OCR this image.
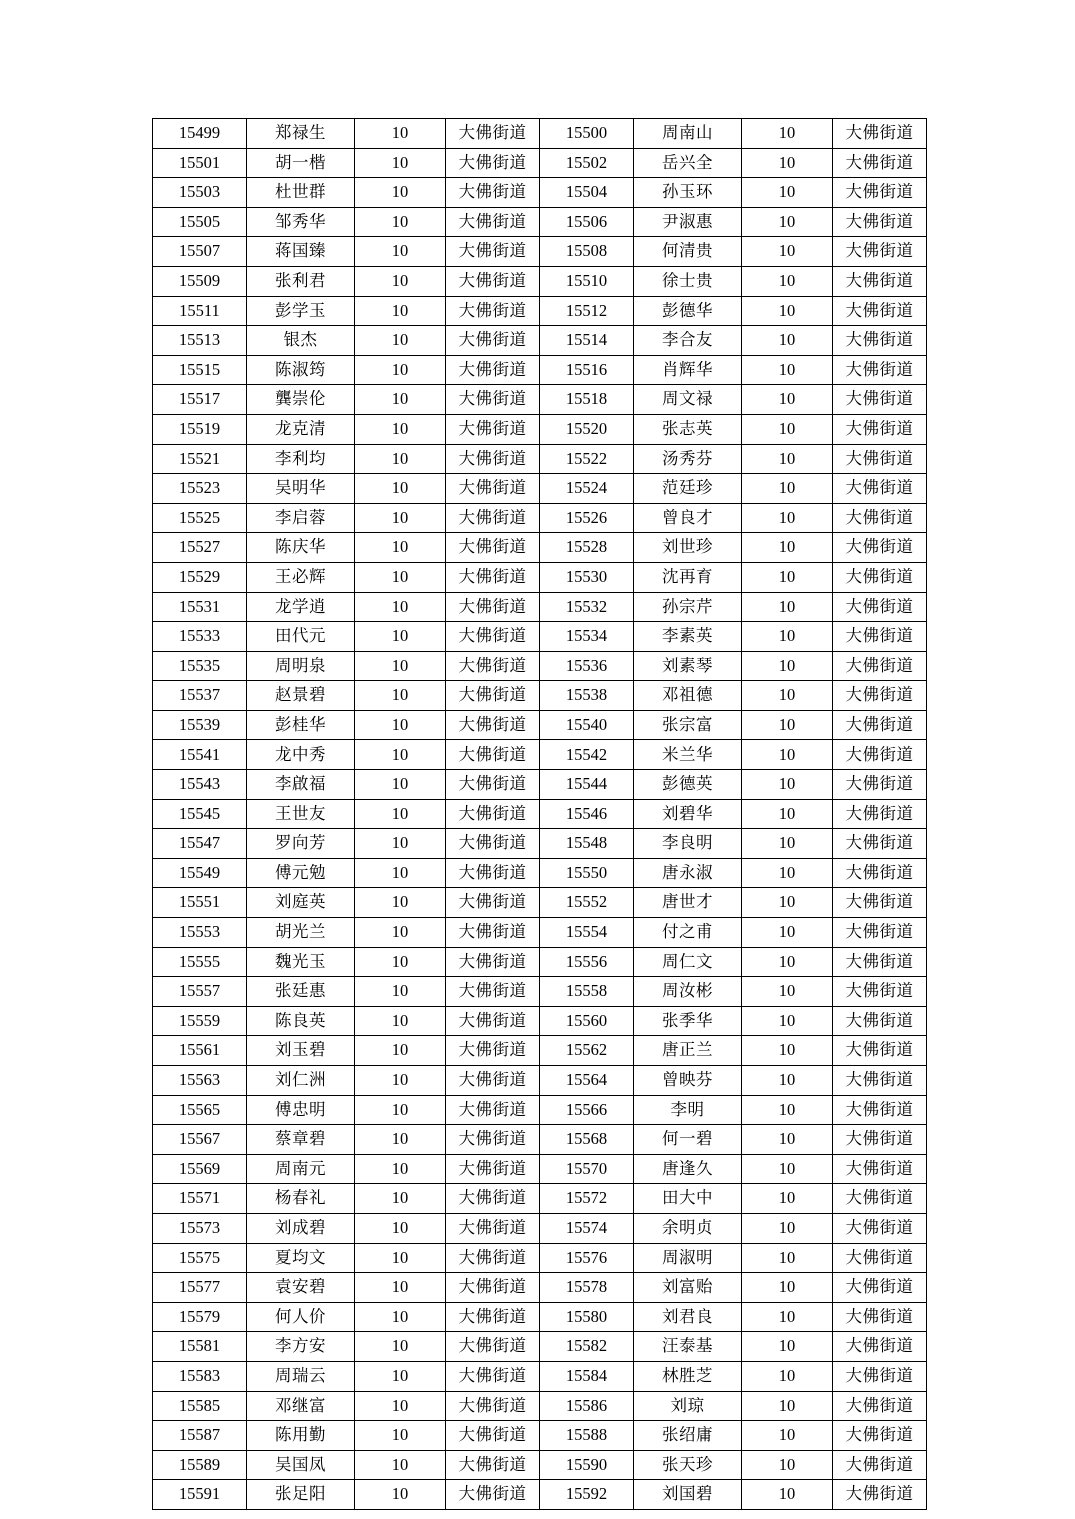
15499	郑禄生	10	大佛街道	15500	周南山	10	大佛街道
15501	胡一楷	10	大佛街道	15502	岳兴全	10	大佛街道
15503	杜世群	10	大佛街道	15504	孙玉环	10	大佛街道
15505	邹秀华	10	大佛街道	15506	尹淑惠	10	大佛街道
15507	蒋国臻	10	大佛街道	15508	何清贵	10	大佛街道
15509	张利君	10	大佛街道	15510	徐士贵	10	大佛街道
15511	彭学玉	10	大佛街道	15512	彭德华	10	大佛街道
15513	银杰	10	大佛街道	15514	李合友	10	大佛街道
15515	陈淑筠	10	大佛街道	15516	肖辉华	10	大佛街道
15517	龔崇伦	10	大佛街道	15518	周文禄	10	大佛街道
15519	龙克清	10	大佛街道	15520	张志英	10	大佛街道
15521	李利均	10	大佛街道	15522	汤秀芬	10	大佛街道
15523	吴明华	10	大佛街道	15524	范廷珍	10	大佛街道
15525	李启蓉	10	大佛街道	15526	曾良才	10	大佛街道
15527	陈庆华	10	大佛街道	15528	刘世珍	10	大佛街道
15529	王必辉	10	大佛街道	15530	沈再育	10	大佛街道
15531	龙学逍	10	大佛街道	15532	孙宗芹	10	大佛街道
15533	田代元	10	大佛街道	15534	李素英	10	大佛街道
15535	周明泉	10	大佛街道	15536	刘素琴	10	大佛街道
15537	赵景碧	10	大佛街道	15538	邓祖德	10	大佛街道
15539	彭桂华	10	大佛街道	15540	张宗富	10	大佛街道
15541	龙中秀	10	大佛街道	15542	米兰华	10	大佛街道
15543	李啟福	10	大佛街道	15544	彭德英	10	大佛街道
15545	王世友	10	大佛街道	15546	刘碧华	10	大佛街道
15547	罗向芳	10	大佛街道	15548	李良明	10	大佛街道
15549	傅元勉	10	大佛街道	15550	唐永淑	10	大佛街道
15551	刘庭英	10	大佛街道	15552	唐世才	10	大佛街道
15553	胡光兰	10	大佛街道	15554	付之甫	10	大佛街道
15555	魏光玉	10	大佛街道	15556	周仁文	10	大佛街道
15557	张廷惠	10	大佛街道	15558	周汝彬	10	大佛街道
15559	陈良英	10	大佛街道	15560	张季华	10	大佛街道
15561	刘玉碧	10	大佛街道	15562	唐正兰	10	大佛街道
15563	刘仁洲	10	大佛街道	15564	曾映芬	10	大佛街道
15565	傅忠明	10	大佛街道	15566	李明	10	大佛街道
15567	蔡章碧	10	大佛街道	15568	何一碧	10	大佛街道
15569	周南元	10	大佛街道	15570	唐逢久	10	大佛街道
15571	杨春礼	10	大佛街道	15572	田大中	10	大佛街道
15573	刘成碧	10	大佛街道	15574	余明贞	10	大佛街道
15575	夏均文	10	大佛街道	15576	周淑明	10	大佛街道
15577	袁安碧	10	大佛街道	15578	刘富贻	10	大佛街道
15579	何人价	10	大佛街道	15580	刘君良	10	大佛街道
15581	李方安	10	大佛街道	15582	汪泰基	10	大佛街道
15583	周瑞云	10	大佛街道	15584	林胜芝	10	大佛街道
15585	邓继富	10	大佛街道	15586	刘琼	10	大佛街道
15587	陈用勤	10	大佛街道	15588	张绍庸	10	大佛街道
15589	吴国凤	10	大佛街道	15590	张天珍	10	大佛街道
15591	张足阳	10	大佛街道	15592	刘国碧	10	大佛街道
